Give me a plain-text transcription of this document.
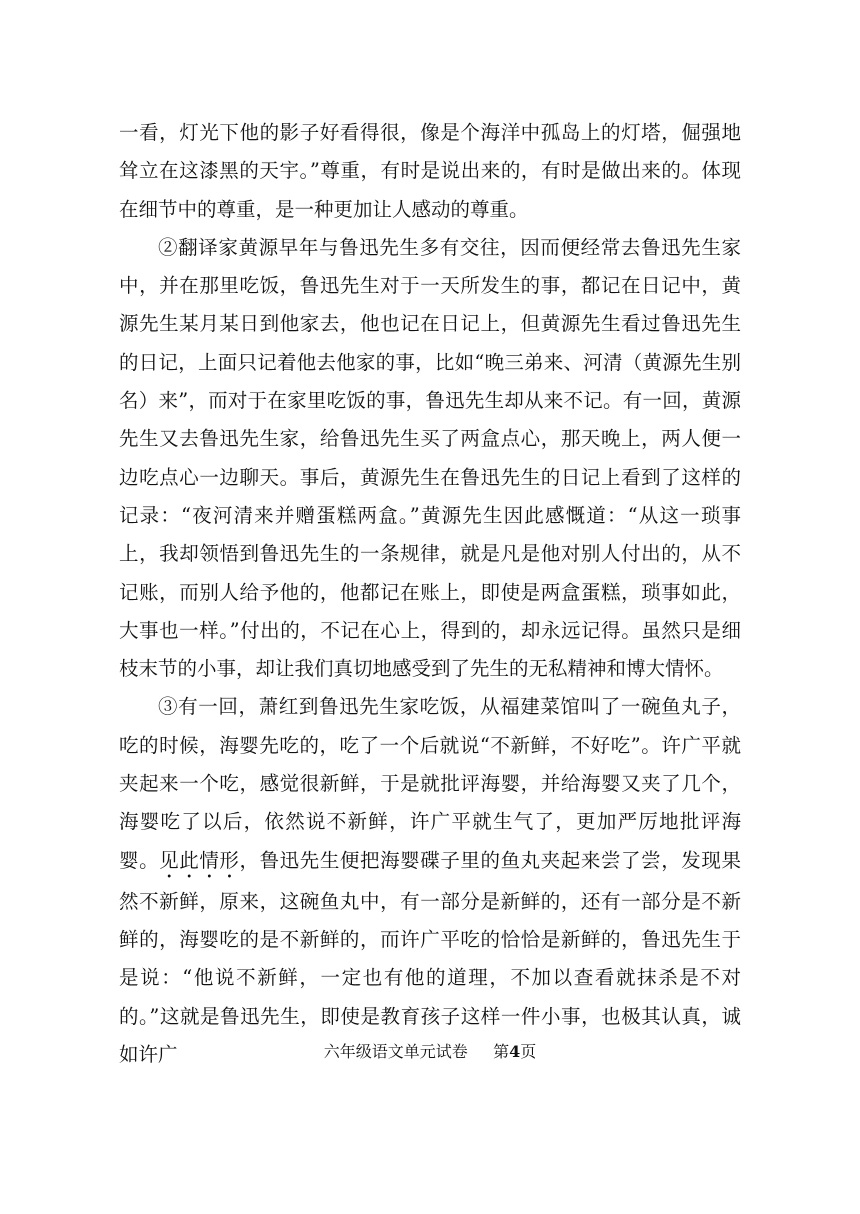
一看，灯光下他的影子好看得很，像是个海洋中孤岛上的灯塔，倔强地耸立在这漆黑的天宇。”尊重，有时是说出来的，有时是做出来的。体现在细节中的尊重，是一种更加让人感动的尊重。

②翻译家黄源早年与鲁迅先生多有交往，因而便经常去鲁迅先生家中，并在那里吃饭，鲁迅先生对于一天所发生的事，都记在日记中，黄源先生某月某日到他家去，他也记在日记上，但黄源先生看过鲁迅先生的日记，上面只记着他去他家的事，比如“晚三弟来、河清（黄源先生别名）来”，而对于在家里吃饭的事，鲁迅先生却从来不记。有一回，黄源先生又去鲁迅先生家，给鲁迅先生买了两盒点心，那天晚上，两人便一边吃点心一边聊天。事后，黄源先生在鲁迅先生的日记上看到了这样的记录：“夜河清来并赠蛋糕两盒。”黄源先生因此感慨道：“从这一琐事上，我却领悟到鲁迅先生的一条规律，就是凡是他对别人付出的，从不记账，而别人给予他的，他都记在账上，即使是两盒蛋糕，琐事如此，大事也一样。”付出的，不记在心上，得到的，却永远记得。虽然只是细枝末节的小事，却让我们真切地感受到了先生的无私精神和博大情怀。

③有一回，萧红到鲁迅先生家吃饭，从福建菜馆叫了一碗鱼丸子，吃的时候，海婴先吃的，吃了一个后就说“不新鲜，不好吃”。许广平就夹起来一个吃，感觉很新鲜，于是就批评海婴，并给海婴又夹了几个，海婴吃了以后，依然说不新鲜，许广平就生气了，更加严厉地批评海婴。见此情形，鲁迅先生便把海婴碟子里的鱼丸夹起来尝了尝，发现果然不新鲜，原来，这碗鱼丸中，有一部分是新鲜的，还有一部分是不新鲜的，海婴吃的是不新鲜的，而许广平吃的恰恰是新鲜的，鲁迅先生于是说：“他说不新鲜，一定也有他的道理，不加以查看就抹杀是不对的。”这就是鲁迅先生，即使是教育孩子这样一件小事，也极其认真，诚如许广	六年级语文单元试卷 第4页
